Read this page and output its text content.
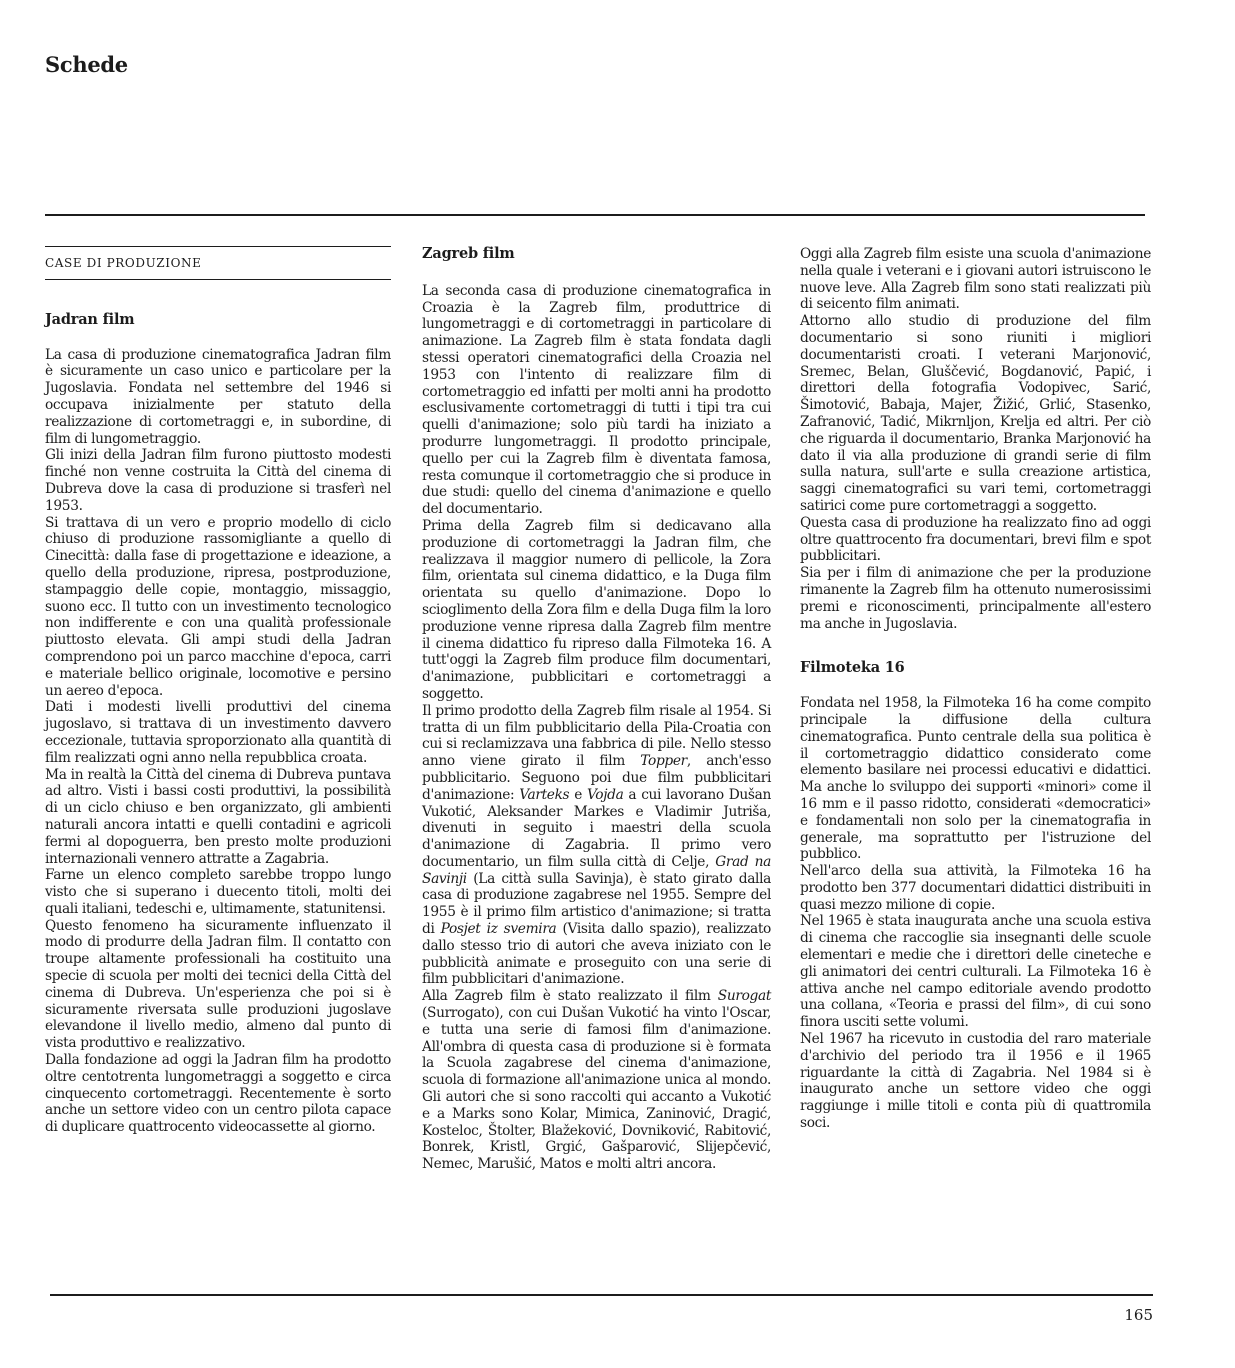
Schede
CASE DI PRODUZIONE
Jadran film

La casa di produzione cinematografica Jadran film è sicuramente un caso unico e particolare per la Jugoslavia. Fondata nel settembre del 1946 si occupava inizialmente per statuto della realizzazione di cortometraggi e, in subordine, di film di lungometraggio.

Gli inizi della Jadran film furono piuttosto modesti finché non venne costruita la Città del cinema di Dubreva dove la casa di produzione si trasferì nel 1953.

Si trattava di un vero e proprio modello di ciclo chiuso di produzione rassomigliante a quello di Cinecittà: dalla fase di progettazione e ideazione, a quello della produzione, ripresa, postproduzione, stampaggio delle copie, montaggio, missaggio, suono ecc. Il tutto con un investimento tecnologico non indifferente e con una qualità professionale piuttosto elevata. Gli ampi studi della Jadran comprendono poi un parco macchine d'epoca, carri e materiale bellico originale, locomotive e persino un aereo d'epoca.

Dati i modesti livelli produttivi del cinema jugoslavo, si trattava di un investimento davvero eccezionale, tuttavia sproporzionato alla quantità di film realizzati ogni anno nella repubblica croata.

Ma in realtà la Città del cinema di Dubreva puntava ad altro. Visti i bassi costi produttivi, la possibilità di un ciclo chiuso e ben organizzato, gli ambienti naturali ancora intatti e quelli contadini e agricoli fermi al dopoguerra, ben presto molte produzioni internazionali vennero attratte a Zagabria.

Farne un elenco completo sarebbe troppo lungo visto che si superano i duecento titoli, molti dei quali italiani, tedeschi e, ultimamente, statunitensi.

Questo fenomeno ha sicuramente influenzato il modo di produrre della Jadran film. Il contatto con troupe altamente professionali ha costituito una specie di scuola per molti dei tecnici della Città del cinema di Dubreva. Un'esperienza che poi si è sicuramente riversata sulle produzioni jugoslave elevandone il livello medio, almeno dal punto di vista produttivo e realizzativo.

Dalla fondazione ad oggi la Jadran film ha prodotto oltre centotrenta lungometraggi a soggetto e circa cinquecento cortometraggi. Recentemente è sorto anche un settore video con un centro pilota capace di duplicare quattrocento videocassette al giorno.

Zagreb film

La seconda casa di produzione cinematografica in Croazia è la Zagreb film, produttrice di lungometraggi e di cortometraggi in particolare di animazione. La Zagreb film è stata fondata dagli stessi operatori cinematografici della Croazia nel 1953 con l'intento di realizzare film di cortometraggio ed infatti per molti anni ha prodotto esclusivamente cortometraggi di tutti i tipi tra cui quelli d'animazione; solo più tardi ha iniziato a produrre lungometraggi. Il prodotto principale, quello per cui la Zagreb film è diventata famosa, resta comunque il cortometraggio che si produce in due studi: quello del cinema d'animazione e quello del documentario.

Prima della Zagreb film si dedicavano alla produzione di cortometraggi la Jadran film, che realizzava il maggior numero di pellicole, la Zora film, orientata sul cinema didattico, e la Duga film orientata su quello d'animazione. Dopo lo scioglimento della Zora film e della Duga film la loro produzione venne ripresa dalla Zagreb film mentre il cinema didattico fu ripreso dalla Filmoteka 16. A tutt'oggi la Zagreb film produce film documentari, d'animazione, pubblicitari e cortometraggi a soggetto.

Il primo prodotto della Zagreb film risale al 1954. Si tratta di un film pubblicitario della Pila-Croatia con cui si reclamizzava una fabbrica di pile. Nello stesso anno viene girato il film Topper, anch'esso pubblicitario. Seguono poi due film pubblicitari d'animazione: Varteks e Vojda a cui lavorano Dušan Vukotić, Aleksander Markes e Vladimir Jutriša, divenuti in seguito i maestri della scuola d'animazione di Zagabria. Il primo vero documentario, un film sulla città di Celje, Grad na Savinji (La città sulla Savinja), è stato girato dalla casa di produzione zagabrese nel 1955. Sempre del 1955 è il primo film artistico d'animazione; si tratta di Posjet iz svemira (Visita dallo spazio), realizzato dallo stesso trio di autori che aveva iniziato con le pubblicità animate e proseguito con una serie di film pubblicitari d'animazione.

Alla Zagreb film è stato realizzato il film Surogat (Surrogato), con cui Dušan Vukotić ha vinto l'Oscar, e tutta una serie di famosi film d'animazione. All'ombra di questa casa di produzione si è formata la Scuola zagabrese del cinema d'animazione, scuola di formazione all'animazione unica al mondo. Gli autori che si sono raccolti qui accanto a Vukotić e a Marks sono Kolar, Mimica, Zaninović, Dragić, Kosteloc, Štolter, Blažeković, Dovniković, Rabitović, Bonrek, Kristl, Grgić, Gašparović, Slijepčević, Nemec, Marušić, Matos e molti altri ancora.

Oggi alla Zagreb film esiste una scuola d'animazione nella quale i veterani e i giovani autori istruiscono le nuove leve. Alla Zagreb film sono stati realizzati più di seicento film animati.

Attorno allo studio di produzione del film documentario si sono riuniti i migliori documentaristi croati. I veterani Marjonović, Sremec, Belan, Gluščević, Bogdanović, Papić, i direttori della fotografia Vodopivec, Sarić, Šimotović, Babaja, Majer, Žižić, Grlić, Stasenko, Zafranović, Tadić, Mikrnljon, Krelja ed altri. Per ciò che riguarda il documentario, Branka Marjonović ha dato il via alla produzione di grandi serie di film sulla natura, sull'arte e sulla creazione artistica, saggi cinematografici su vari temi, cortometraggi satirici come pure cortometraggi a soggetto.

Questa casa di produzione ha realizzato fino ad oggi oltre quattrocento fra documentari, brevi film e spot pubblicitari.

Sia per i film di animazione che per la produzione rimanente la Zagreb film ha ottenuto numerosissimi premi e riconoscimenti, principalmente all'estero ma anche in Jugoslavia.

Filmoteka 16

Fondata nel 1958, la Filmoteka 16 ha come compito principale la diffusione della cultura cinematografica. Punto centrale della sua politica è il cortometraggio didattico considerato come elemento basilare nei processi educativi e didattici. Ma anche lo sviluppo dei supporti «minori» come il 16 mm e il passo ridotto, considerati «democratici» e fondamentali non solo per la cinematografia in generale, ma soprattutto per l'istruzione del pubblico.

Nell'arco della sua attività, la Filmoteka 16 ha prodotto ben 377 documentari didattici distribuiti in quasi mezzo milione di copie.

Nel 1965 è stata inaugurata anche una scuola estiva di cinema che raccoglie sia insegnanti delle scuole elementari e medie che i direttori delle cineteche e gli animatori dei centri culturali. La Filmoteka 16 è attiva anche nel campo editoriale avendo prodotto una collana, «Teoria e prassi del film», di cui sono finora usciti sette volumi.

Nel 1967 ha ricevuto in custodia del raro materiale d'archivio del periodo tra il 1956 e il 1965 riguardante la città di Zagabria. Nel 1984 si è inaugurato anche un settore video che oggi raggiunge i mille titoli e conta più di quattromila soci.

165
